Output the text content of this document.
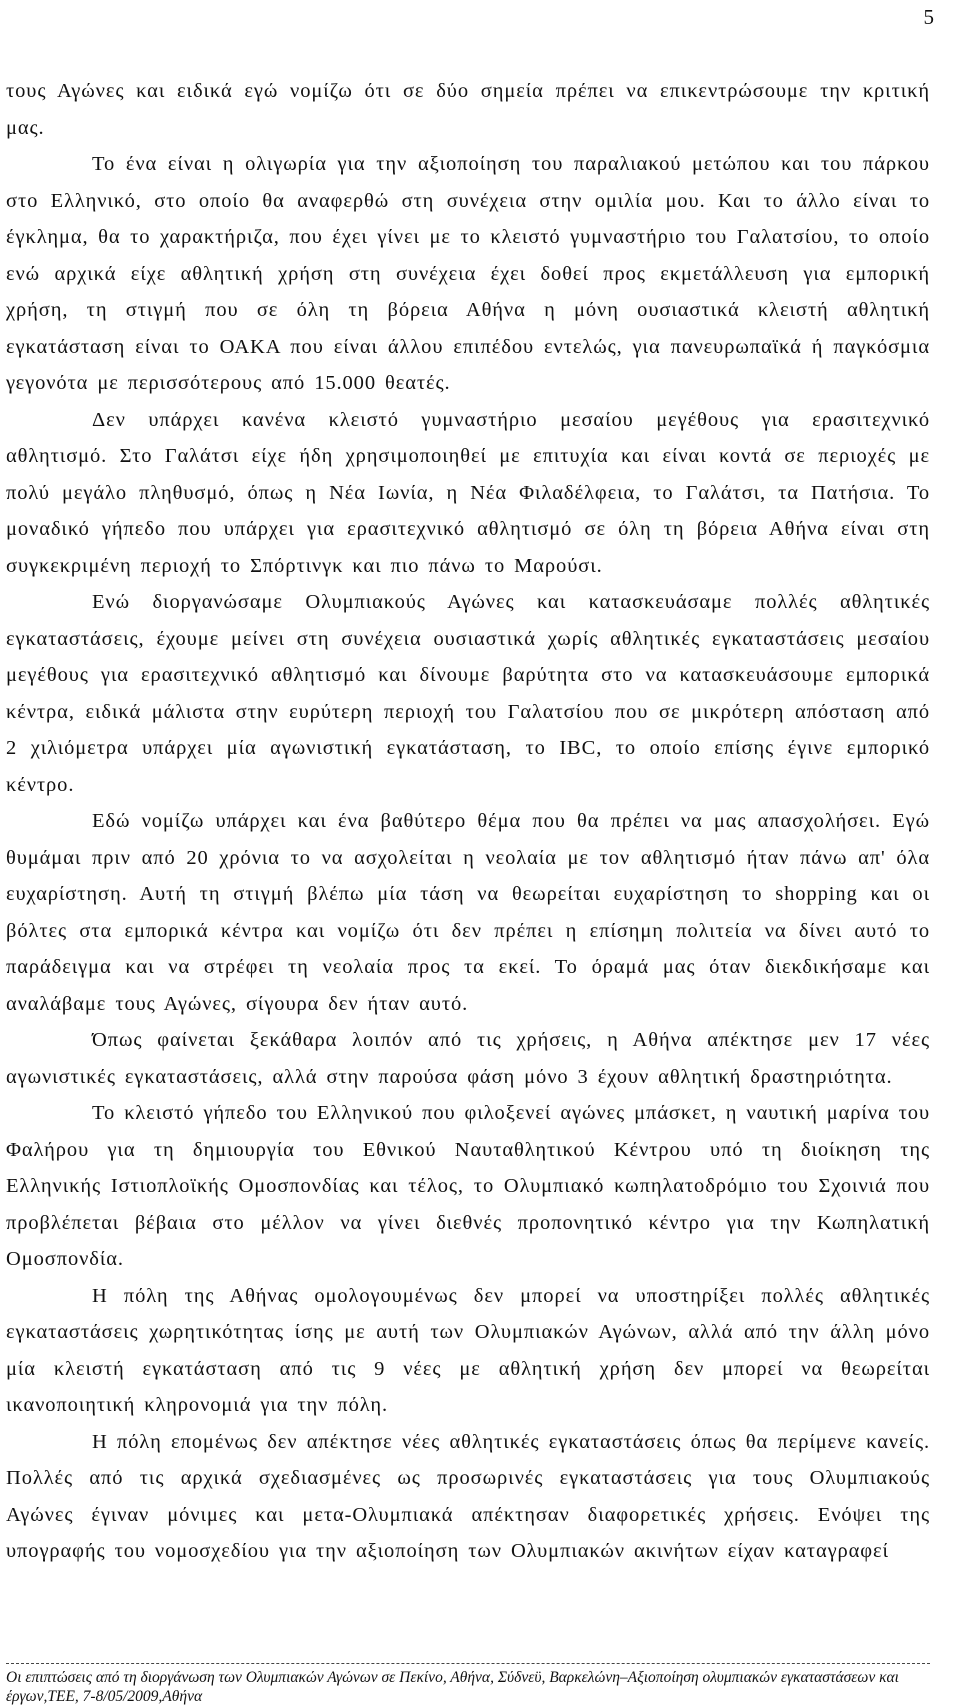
5

τους Αγώνες και ειδικά εγώ νομίζω ότι σε δύο σημεία πρέπει να επικεντρώσουμε την κριτική μας.

Το ένα είναι η ολιγωρία για την αξιοποίηση του παραλιακού μετώπου και του πάρκου στο Ελληνικό, στο οποίο θα αναφερθώ στη συνέχεια στην ομιλία μου. Και το άλλο είναι το έγκλημα, θα το χαρακτήριζα, που έχει γίνει με το κλειστό γυμναστήριο του Γαλατσίου, το οποίο ενώ αρχικά είχε αθλητική χρήση στη συνέχεια έχει δοθεί προς εκμετάλλευση για εμπορική χρήση, τη στιγμή που σε όλη τη βόρεια Αθήνα η μόνη ουσιαστικά κλειστή αθλητική εγκατάσταση είναι το ΟΑΚΑ που είναι άλλου επιπέδου εντελώς, για πανευρωπαϊκά ή παγκόσμια γεγονότα με περισσότερους από 15.000 θεατές.

Δεν υπάρχει κανένα κλειστό γυμναστήριο μεσαίου μεγέθους για ερασιτεχνικό αθλητισμό. Στο Γαλάτσι είχε ήδη χρησιμοποιηθεί με επιτυχία και είναι κοντά σε περιοχές με πολύ μεγάλο πληθυσμό, όπως η Νέα Ιωνία, η Νέα Φιλαδέλφεια, το Γαλάτσι, τα Πατήσια. Το μοναδικό γήπεδο που υπάρχει για ερασιτεχνικό αθλητισμό σε όλη τη βόρεια Αθήνα είναι στη συγκεκριμένη περιοχή το Σπόρτινγκ και πιο πάνω το Μαρούσι.

Ενώ διοργανώσαμε Ολυμπιακούς Αγώνες και κατασκευάσαμε πολλές αθλητικές εγκαταστάσεις, έχουμε μείνει στη συνέχεια ουσιαστικά χωρίς αθλητικές εγκαταστάσεις μεσαίου μεγέθους για ερασιτεχνικό αθλητισμό και δίνουμε βαρύτητα στο να κατασκευάσουμε εμπορικά κέντρα, ειδικά μάλιστα στην ευρύτερη περιοχή του Γαλατσίου που σε μικρότερη απόσταση από 2 χιλιόμετρα υπάρχει μία αγωνιστική εγκατάσταση, το IBC, το οποίο επίσης έγινε εμπορικό κέντρο.

Εδώ νομίζω υπάρχει και ένα βαθύτερο θέμα που θα πρέπει να μας απασχολήσει. Εγώ θυμάμαι πριν από 20 χρόνια το να ασχολείται η νεολαία με τον αθλητισμό ήταν πάνω απ' όλα ευχαρίστηση. Αυτή τη στιγμή βλέπω μία τάση να θεωρείται ευχαρίστηση το shopping και οι βόλτες στα εμπορικά κέντρα και νομίζω ότι δεν πρέπει η επίσημη πολιτεία να δίνει αυτό το παράδειγμα και να στρέφει τη νεολαία προς τα εκεί. Το όραμά μας όταν διεκδικήσαμε και αναλάβαμε τους Αγώνες, σίγουρα δεν ήταν αυτό.

Όπως φαίνεται ξεκάθαρα λοιπόν από τις χρήσεις, η Αθήνα απέκτησε μεν 17 νέες αγωνιστικές εγκαταστάσεις, αλλά στην παρούσα φάση μόνο 3 έχουν αθλητική δραστηριότητα.

Το κλειστό γήπεδο του Ελληνικού που φιλοξενεί αγώνες μπάσκετ, η ναυτική μαρίνα του Φαλήρου για τη δημιουργία του Εθνικού Ναυταθλητικού Κέντρου υπό τη διοίκηση της Ελληνικής Ιστιοπλοϊκής Ομοσπονδίας και τέλος, το Ολυμπιακό κωπηλατοδρόμιο του Σχοινιά που προβλέπεται βέβαια στο μέλλον να γίνει διεθνές προπονητικό κέντρο για την Κωπηλατική Ομοσπονδία.

Η πόλη της Αθήνας ομολογουμένως δεν μπορεί να υποστηρίξει πολλές αθλητικές εγκαταστάσεις χωρητικότητας ίσης με αυτή των Ολυμπιακών Αγώνων, αλλά από την άλλη μόνο μία κλειστή εγκατάσταση από τις 9 νέες με αθλητική χρήση δεν μπορεί να θεωρείται ικανοποιητική κληρονομιά για την πόλη.

Η πόλη επομένως δεν απέκτησε νέες αθλητικές εγκαταστάσεις όπως θα περίμενε κανείς. Πολλές από τις αρχικά σχεδιασμένες ως προσωρινές εγκαταστάσεις για τους Ολυμπιακούς Αγώνες έγιναν μόνιμες και μετα-Ολυμπιακά απέκτησαν διαφορετικές χρήσεις. Ενόψει της υπογραφής του νομοσχεδίου για την αξιοποίηση των Ολυμπιακών ακινήτων είχαν καταγραφεί

Οι επιπτώσεις από τη διοργάνωση των Ολυμπιακών Αγώνων σε Πεκίνο, Αθήνα, Σύδνεϋ, Βαρκελώνη–Αξιοποίηση ολυμπιακών εγκαταστάσεων και έργων,ΤΕΕ, 7-8/05/2009,Αθήνα
